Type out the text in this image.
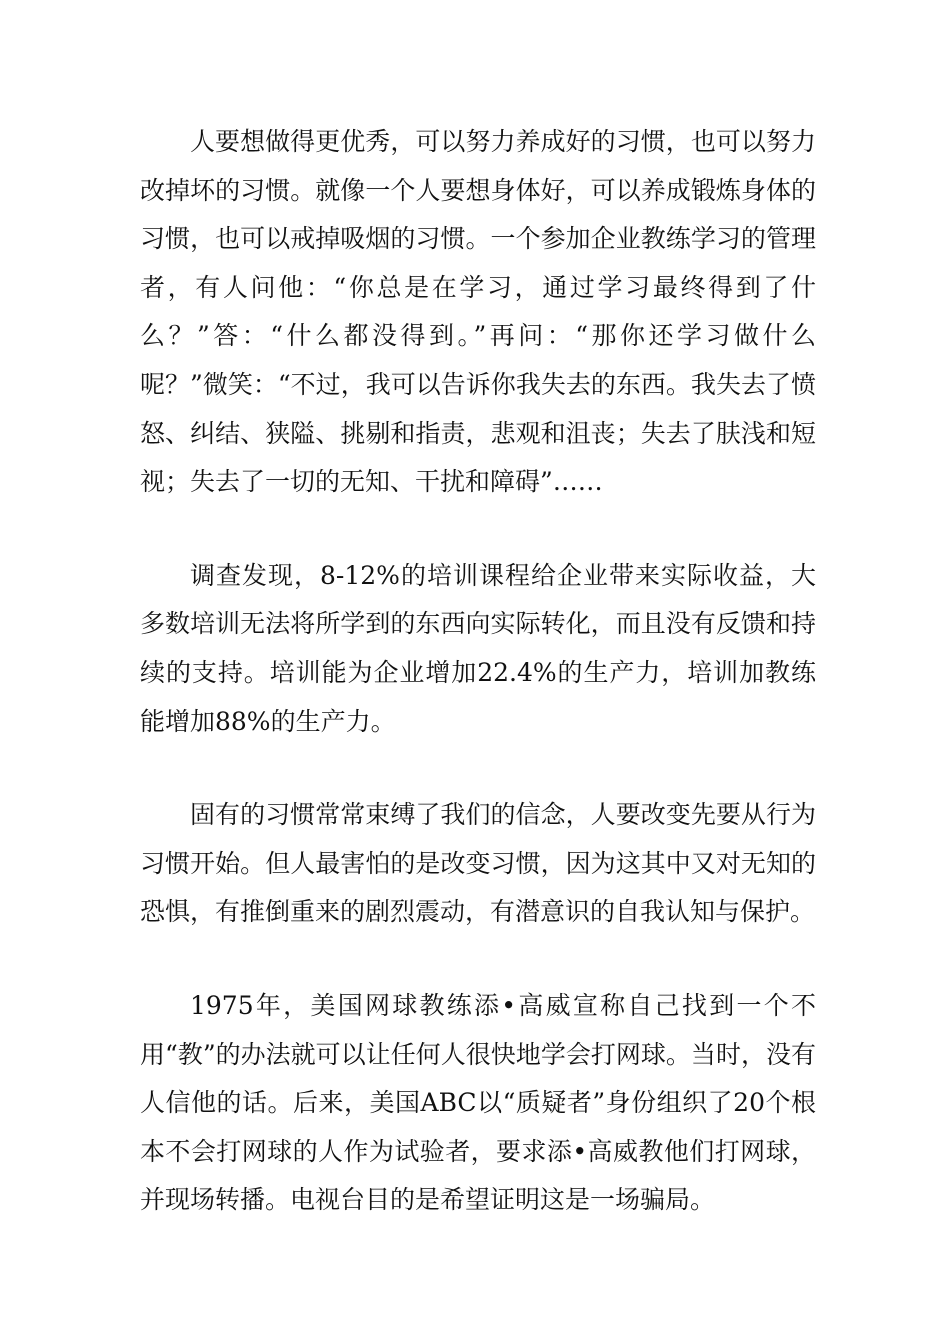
人要想做得更优秀，可以努力养成好的习惯，也可以努力改掉坏的习惯。就像一个人要想身体好，可以养成锻炼身体的习惯，也可以戒掉吸烟的习惯。一个参加企业教练学习的管理者，有人问他：“你总是在学习，通过学习最终得到了什么？”答：“什么都没得到。”再问：“那你还学习做什么呢？”微笑：“不过，我可以告诉你我失去的东西。我失去了愤怒、纠结、狭隘、挑剔和指责，悲观和沮丧；失去了肤浅和短视；失去了一切的无知、干扰和障碍”……

调查发现，8-12%的培训课程给企业带来实际收益，大多数培训无法将所学到的东西向实际转化，而且没有反馈和持续的支持。培训能为企业增加22.4%的生产力，培训加教练能增加88%的生产力。

固有的习惯常常束缚了我们的信念，人要改变先要从行为习惯开始。但人最害怕的是改变习惯，因为这其中又对无知的恐惧，有推倒重来的剧烈震动，有潜意识的自我认知与保护。

1975年，美国网球教练添•高威宣称自己找到一个不用“教”的办法就可以让任何人很快地学会打网球。当时，没有人信他的话。后来，美国ABC以“质疑者”身份组织了20个根本不会打网球的人作为试验者，要求添•高威教他们打网球，并现场转播。电视台目的是希望证明这是一场骗局。
